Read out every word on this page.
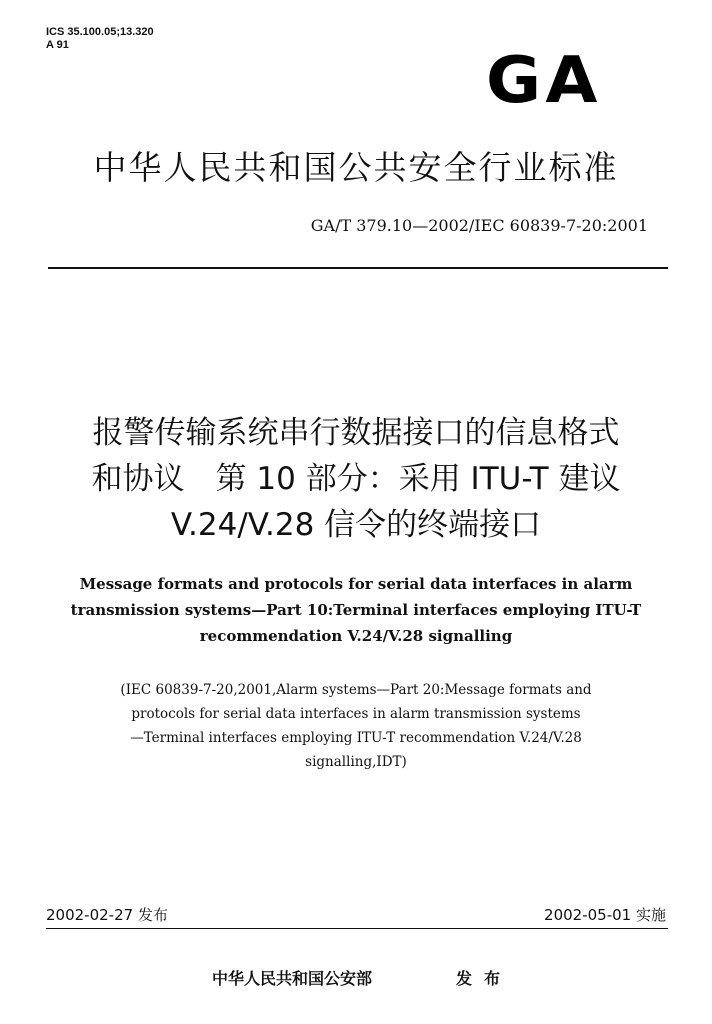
ICS 35.100.05;13.320
A 91	GA
中华人民共和国公共安全行业标准
GA/T 379.10—2002/IEC 60839-7-20:2001
报警传输系统串行数据接口的信息格式
和协议　第 10 部分：采用 ITU-T 建议
V.24/V.28 信令的终端接口
Message formats and protocols for serial data interfaces in alarm
transmission systems—Part 10:Terminal interfaces employing ITU-T
recommendation V.24/V.28 signalling
(IEC 60839-7-20,2001,Alarm systems—Part 20:Message formats and
protocols for serial data interfaces in alarm transmission systems
—Terminal interfaces employing ITU-T recommendation V.24/V.28
signalling,IDT)
2002-02-27 发布	2002-05-01 实施
中华人民共和国公安部	发布
